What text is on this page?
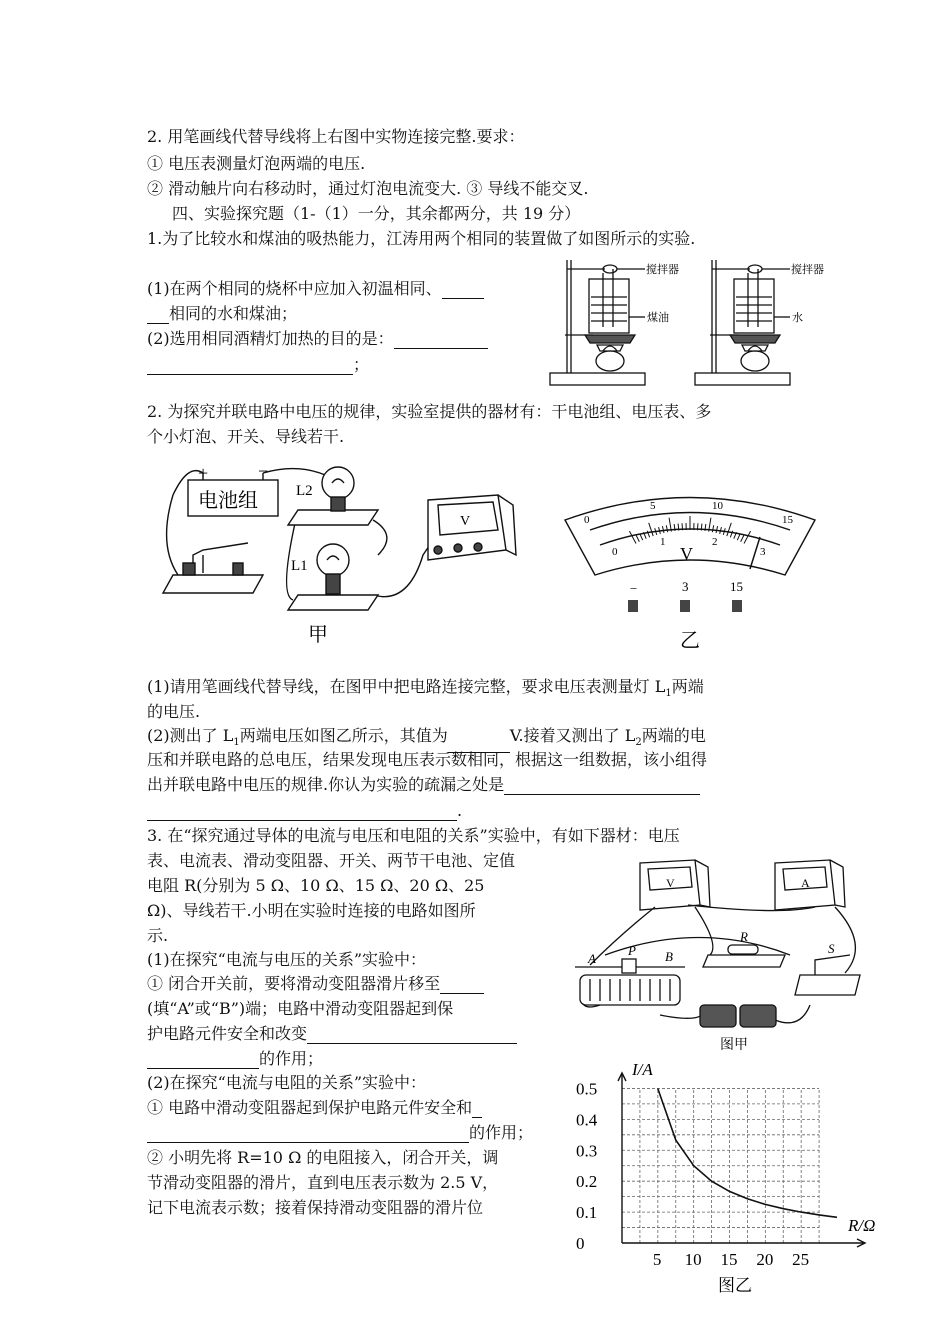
2. 用笔画线代替导线将上右图中实物连接完整.要求：
① 电压表测量灯泡两端的电压.
② 滑动触片向右移动时，通过灯泡电流变大. ③ 导线不能交叉.
四、实验探究题（1-（1）一分，其余都两分，共 19 分）
1.为了比较水和煤油的吸热能力，江涛用两个相同的装置做了如图所示的实验.
(1)在两个相同的烧杯中应加入初温相同、
相同的水和煤油；
(2)选用相同酒精灯加热的目的是：
；
搅拌器
煤油
搅拌器
水
2. 为探究并联电路中电压的规律，实验室提供的器材有：干电池组、电压表、多
个小灯泡、开关、导线若干.
+	−
电池组	L2
L1
V
甲
V
0
5	10
15
0
1	2
3
−	3	15
乙
(1)请用笔画线代替导线，在图甲中把电路连接完整，要求电压表测量灯 $L_1$两端
的电压.
(2)测出了 $L_1$两端电压如图乙所示，其值为	V.接着又测出了 $L_2$两端的电
压和并联电路的总电压，结果发现电压表示数相同，根据这一组数据，该小组得
出并联电路中电压的规律.你认为实验的疏漏之处是
.
3. 在“探究通过导体的电流与电压和电阻的关系”实验中，有如下器材：电压
表、电流表、滑动变阻器、开关、两节干电池、定值
电阻 R(分别为 5 Ω、10 Ω、15 Ω、20 Ω、25
Ω)、导线若干.小明在实验时连接的电路如图所
示.
(1)在探究“电流与电压的关系”实验中：
① 闭合开关前，要将滑动变阻器滑片移至
(填“A”或“B”)端；电路中滑动变阻器起到保
护电路元件安全和改变
的作用；
(2)在探究“电流与电阻的关系”实验中：
① 电路中滑动变阻器起到保护电路元件安全和
的作用；
② 小明先将 R=10 Ω 的电阻接入，闭合开关，调
节滑动变阻器的滑片，直到电压表示数为 2.5 V，
记下电流表示数；接着保持滑动变阻器的滑片位
V	A
R
S
A
P B
图甲
0
0.1
0.2
0.3
0.4
0.5
5 10 15 20 25
I/A
R/Ω
图乙
